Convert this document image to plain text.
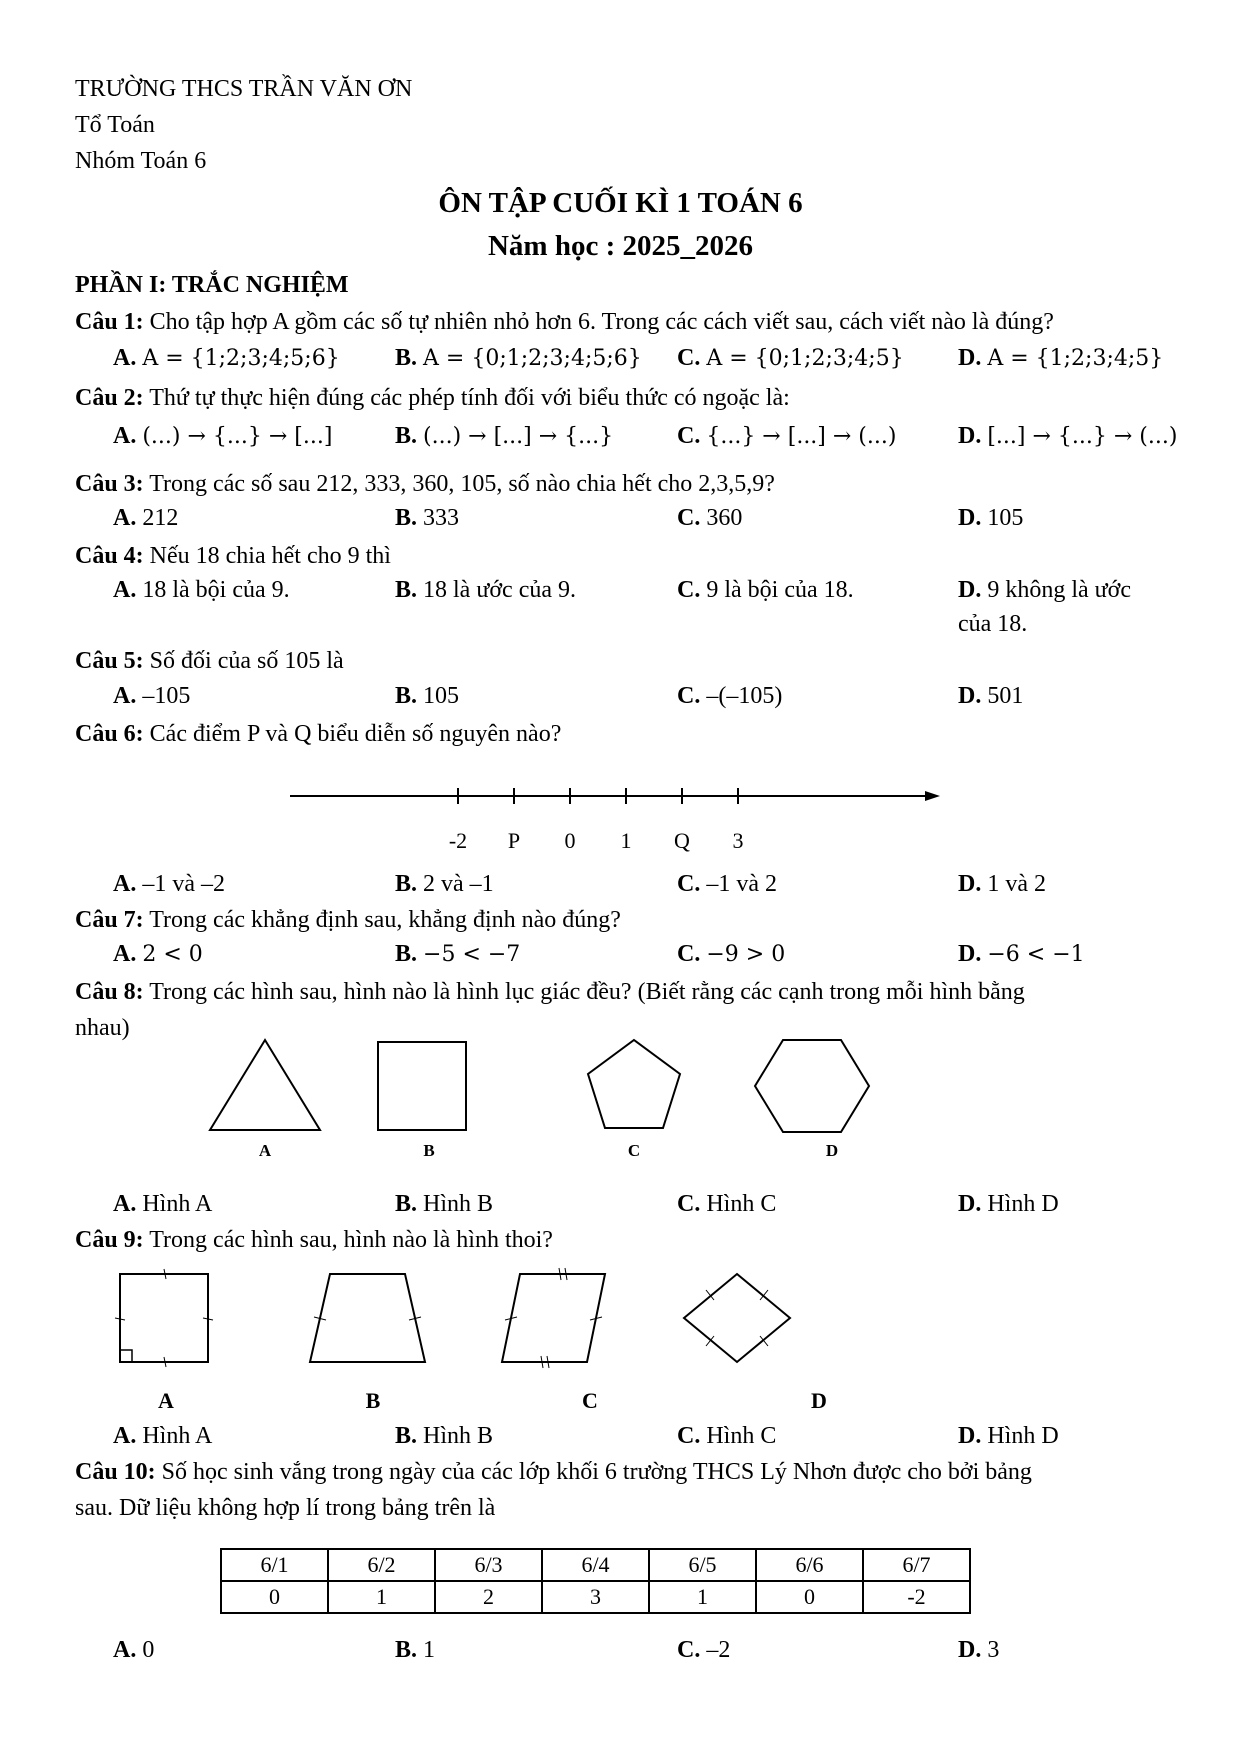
TRƯỜNG THCS TRẦN VĂN ƠN
Tổ Toán
Nhóm Toán 6
ÔN TẬP CUỐI KÌ 1 TOÁN 6
Năm học : 2025_2026
PHẦN I: TRẮC NGHIỆM
Câu 1: Cho tập hợp A gồm các số tự nhiên nhỏ hơn 6. Trong các cách viết sau, cách viết nào là đúng?
A. A = {1;2;3;4;5;6} B. A = {0;1;2;3;4;5;6} C. A = {0;1;2;3;4;5} D. A = {1;2;3;4;5}
Câu 2: Thứ tự thực hiện đúng các phép tính đối với biểu thức có ngoặc là:
A. (...) → {...} → [...]	B. (...) → [...] → {...}	C. {...} → [...] → (...)	D. [...] → {...} → (...)
Câu 3: Trong các số sau 212, 333, 360, 105, số nào chia hết cho 2,3,5,9?
A. 212	B. 333	C. 360	D. 105
Câu 4: Nếu 18 chia hết cho 9 thì
A. 18 là bội của 9.	B. 18 là ước của 9.	C. 9 là bội của 18.	D. 9 không là ước
của 18.
Câu 5: Số đối của số 105 là
A. –105	B. 105	C. –(–105)	D. 501
Câu 6: Các điểm P và Q biểu diễn số nguyên nào?
-2 P 0 1 Q 3
A. –1 và –2	B. 2 và –1	C. –1 và 2	D. 1 và 2
Câu 7: Trong các khẳng định sau, khẳng định nào đúng?
A. 2 < 0	B. −5 < −7	C. −9 > 0	D. −6 < −1
Câu 8: Trong các hình sau, hình nào là hình lục giác đều? (Biết rằng các cạnh trong mỗi hình bằng
nhau)
A	B	C	D
A. Hình A	B. Hình B	C. Hình C	D. Hình D
Câu 9: Trong các hình sau, hình nào là hình thoi?
A	B	C	D
A. Hình A	B. Hình B	C. Hình C	D. Hình D
Câu 10: Số học sinh vắng trong ngày của các lớp khối 6 trường THCS Lý Nhơn được cho bởi bảng
sau. Dữ liệu không hợp lí trong bảng trên là
6/1	6/2	6/3	6/4	6/5	6/6	6/7
0	1	2	3	1	0	-2
A. 0	B. 1	C. –2	D. 3
